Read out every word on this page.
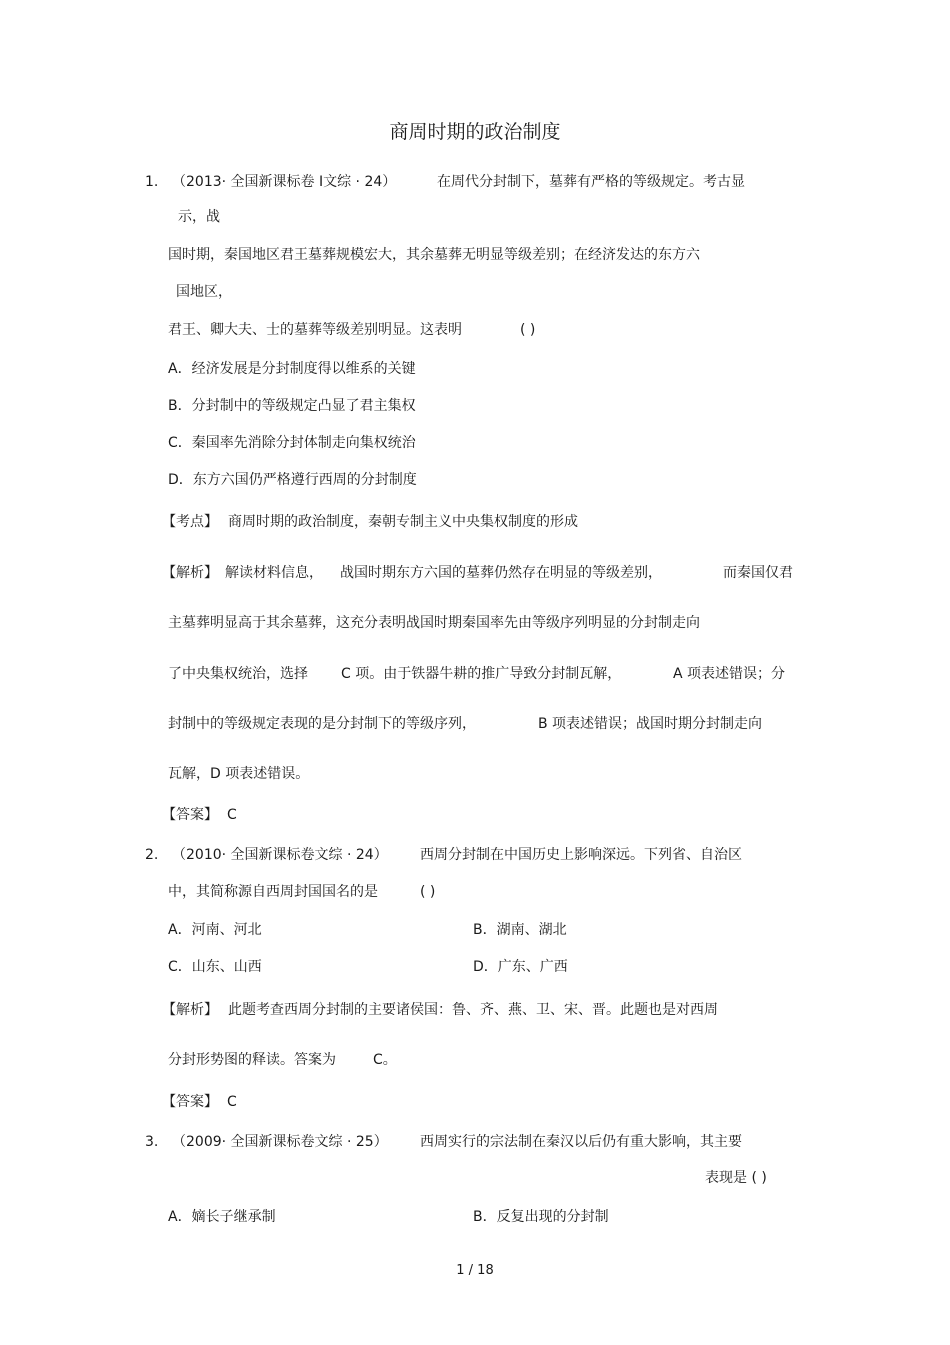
商周时期的政治制度
1. （2013· 全国新课标卷 Ⅰ文综 · 24）	在周代分封制下，墓葬有严格的等级规定。考古显
示，战
国时期，秦国地区君王墓葬规模宏大，其余墓葬无明显等级差别；在经济发达的东方六
国地区，
君王、卿大夫、士的墓葬等级差别明显。这表明	( )
A．经济发展是分封制度得以维系的关键
B．分封制中的等级规定凸显了君主集权
C．秦国率先消除分封体制走向集权统治
D．东方六国仍严格遵行西周的分封制度
【考点】 商周时期的政治制度，秦朝专制主义中央集权制度的形成
【解析】 解读材料信息， 战国时期东方六国的墓葬仍然存在明显的等级差别，	而秦国仅君
主墓葬明显高于其余墓葬，这充分表明战国时期秦国率先由等级序列明显的分封制走向
了中央集权统治，选择 C 项。由于铁器牛耕的推广导致分封制瓦解，	A 项表述错误；分
封制中的等级规定表现的是分封制下的等级序列，	B 项表述错误；战国时期分封制走向
瓦解，D 项表述错误。
【答案】 C
2. （2010· 全国新课标卷文综 · 24） 西周分封制在中国历史上影响深远。下列省、自治区
中，其简称源自西周封国国名的是	( )
A．河南、河北	B．湖南、湖北
C．山东、山西	D．广东、广西
【解析】 此题考查西周分封制的主要诸侯国：鲁、齐、燕、卫、宋、晋。此题也是对西周
分封形势图的释读。答案为	C。
【答案】 C
3. （2009· 全国新课标卷文综 · 25） 西周实行的宗法制在秦汉以后仍有重大影响，其主要
表现是 ( )
A．嫡长子继承制	B．反复出现的分封制
1 / 18
